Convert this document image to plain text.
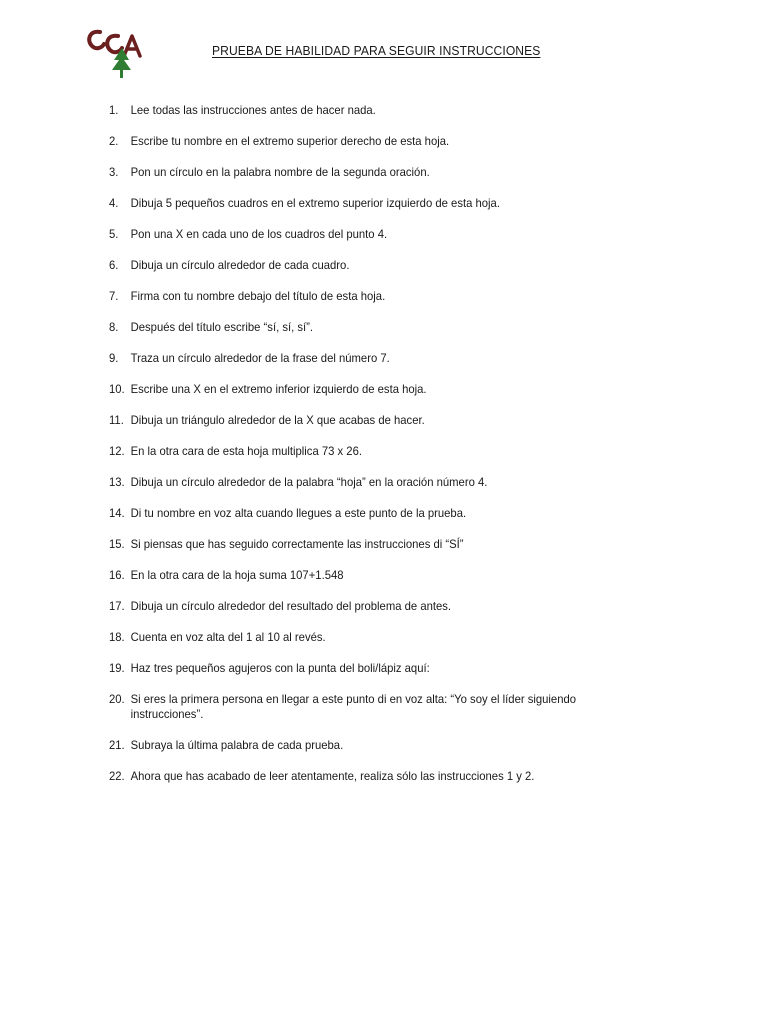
PRUEBA DE HABILIDAD PARA SEGUIR INSTRUCCIONES
1. Lee todas las instrucciones antes de hacer nada.
2. Escribe tu nombre en el extremo superior derecho de esta hoja.
3. Pon un círculo en la palabra nombre de la segunda oración.
4. Dibuja 5 pequeños cuadros en el extremo superior izquierdo de esta hoja.
5. Pon una X en cada uno de los cuadros del punto 4.
6. Dibuja un círculo alrededor de cada cuadro.
7. Firma con tu nombre debajo del título de esta hoja.
8. Después del título escribe “sí, sí, sí”.
9. Traza un círculo alrededor de la frase del número 7.
10. Escribe una X en el extremo inferior izquierdo de esta hoja.
11. Dibuja un triángulo alrededor de la X que acabas de hacer.
12. En la otra cara de esta hoja multiplica 73 x 26.
13. Dibuja un círculo alrededor de la palabra “hoja” en la oración número 4.
14. Di tu nombre en voz alta cuando llegues a este punto de la prueba.
15. Si piensas que has seguido correctamente las instrucciones di “SÍ”
16. En la otra cara de la hoja suma 107+1.548
17. Dibuja un círculo alrededor del resultado del problema de antes.
18. Cuenta en voz alta del 1 al 10 al revés.
19. Haz tres pequeños agujeros con la punta del boli/lápiz aquí:
20. Si eres la primera persona en llegar a este punto di en voz alta: “Yo soy el líder siguiendo instrucciones”.
21. Subraya la última palabra de cada prueba.
22. Ahora que has acabado de leer atentamente, realiza sólo las instrucciones 1 y 2.
